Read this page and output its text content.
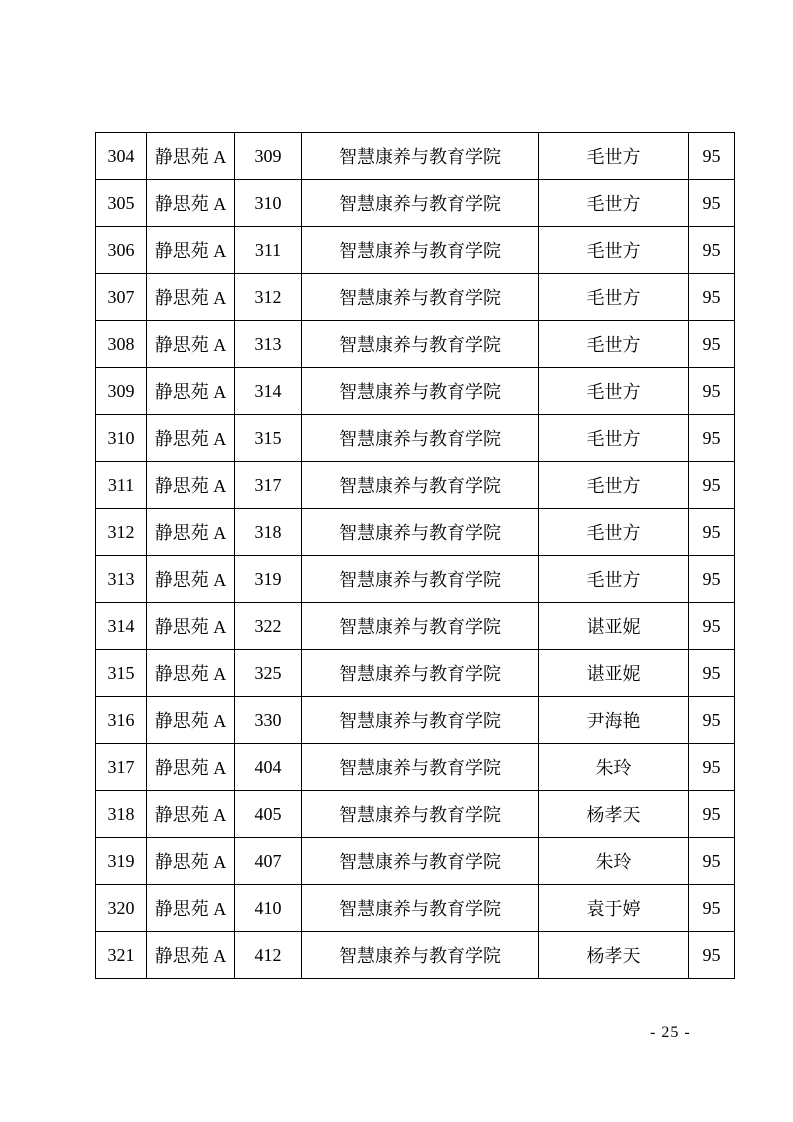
304	静思苑 A	309	智慧康养与教育学院	毛世方	95
305	静思苑 A	310	智慧康养与教育学院	毛世方	95
306	静思苑 A	311	智慧康养与教育学院	毛世方	95
307	静思苑 A	312	智慧康养与教育学院	毛世方	95
308	静思苑 A	313	智慧康养与教育学院	毛世方	95
309	静思苑 A	314	智慧康养与教育学院	毛世方	95
310	静思苑 A	315	智慧康养与教育学院	毛世方	95
311	静思苑 A	317	智慧康养与教育学院	毛世方	95
312	静思苑 A	318	智慧康养与教育学院	毛世方	95
313	静思苑 A	319	智慧康养与教育学院	毛世方	95
314	静思苑 A	322	智慧康养与教育学院	谌亚妮	95
315	静思苑 A	325	智慧康养与教育学院	谌亚妮	95
316	静思苑 A	330	智慧康养与教育学院	尹海艳	95
317	静思苑 A	404	智慧康养与教育学院	朱玲	95
318	静思苑 A	405	智慧康养与教育学院	杨孝天	95
319	静思苑 A	407	智慧康养与教育学院	朱玲	95
320	静思苑 A	410	智慧康养与教育学院	袁于婷	95
321	静思苑 A	412	智慧康养与教育学院	杨孝天	95
- 25 -
